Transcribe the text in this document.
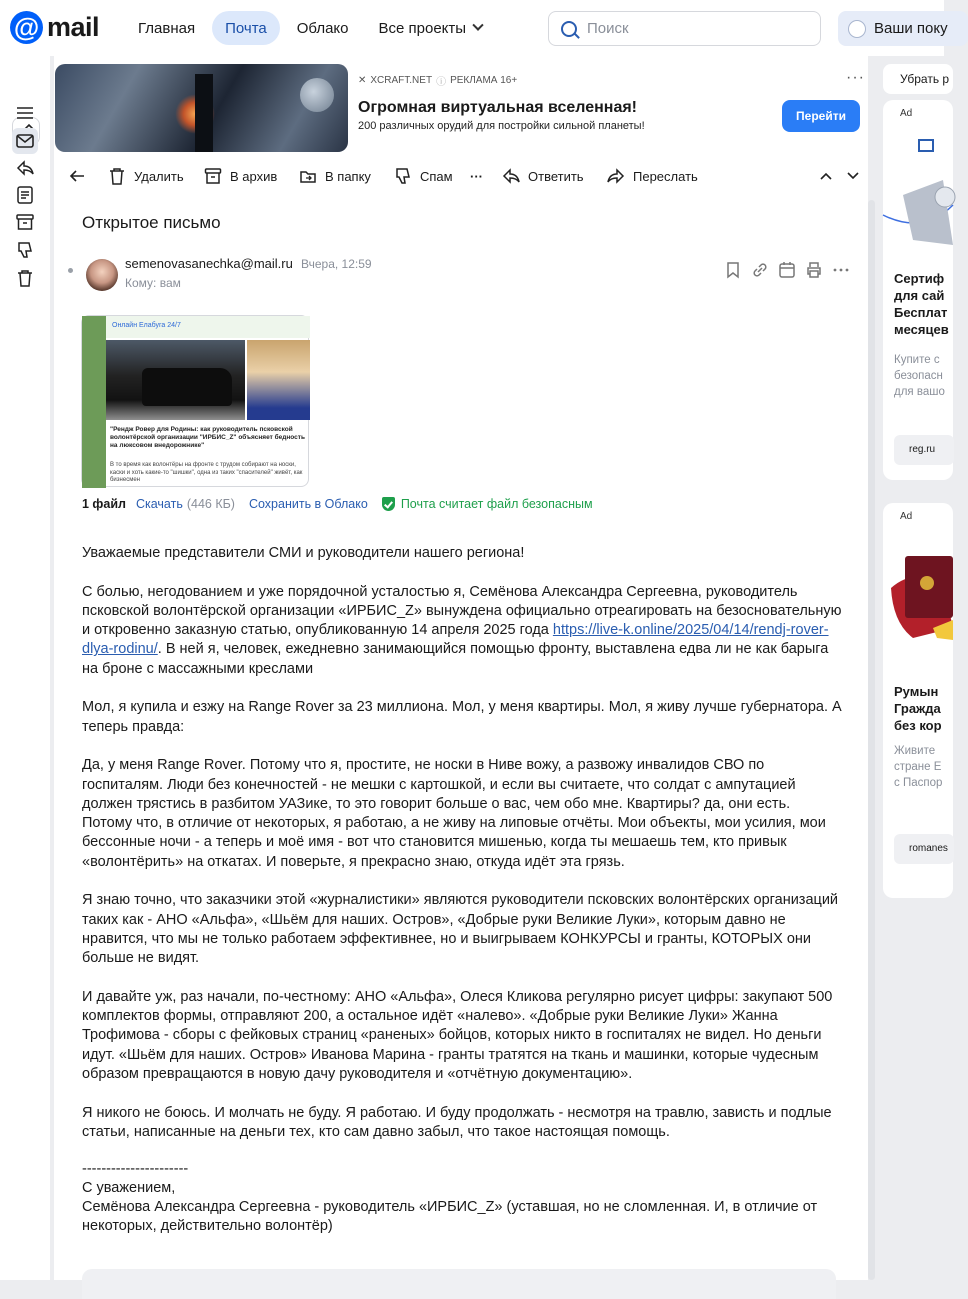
@ mail	Главная	Почта	Облако	Все проекты
Поиск	Ваши поку
✕ XCRAFT.NET ⓘ РЕКЛАМА 16+
Огромная виртуальная вселенная!
200 различных орудий для постройки сильной планеты!
Перейти
···
Удалить	В архив	В папку	Спам ···	Ответить	Переслать
Открытое письмо
semenovasanechka@mail.ru Вчера, 12:59
Кому: вам
Онлайн Елабуга 24/7
"Рендж Ровер для Родины: как руководитель псковской волонтёрской организации "ИРБИС_Z" объясняет бедность на люксовом внедорожнике"
В то время как волонтёры на фронте с трудом собирают на носки, каски и хоть какие-то "шишки", одна из таких "спасителей" живёт, как бизнесмен
1 файл Скачать (446 КБ) Сохранить в Облако	Почта считает файл безопасным

Уважаемые представители СМИ и руководители нашего региона!

С болью, негодованием и уже порядочной усталостью я, Семёнова Александра Сергеевна, руководитель псковской волонтёрской организации «ИРБИС_Z» вынуждена официально отреагировать на безосновательную и откровенно заказную статью, опубликованную 14 апреля 2025 года https://live-k.online/2025/04/14/rendj-rover-dlya-rodinu/. В ней я, человек, ежедневно занимающийся помощью фронту, выставлена едва ли не как барыга на броне с массажными креслами

Мол, я купила и езжу на Range Rover за 23 миллиона. Мол, у меня квартиры. Мол, я живу лучше губернатора. А теперь правда:

Да, у меня Range Rover. Потому что я, простите, не носки в Ниве вожу, а развожу инвалидов СВО по госпиталям. Люди без конечностей - не мешки с картошкой, и если вы считаете, что солдат с ампутацией должен трястись в разбитом УАЗике, то это говорит больше о вас, чем обо мне. Квартиры? да, они есть. Потому что, в отличие от некоторых, я работаю, а не живу на липовые отчёты. Мои объекты, мои усилия, мои бессонные ночи - а теперь и моё имя - вот что становится мишенью, когда ты мешаешь тем, кто привык «волонтёрить» на откатах. И поверьте, я прекрасно знаю, откуда идёт эта грязь.

Я знаю точно, что заказчики этой «журналистики» являются руководители псковских волонтёрских организаций таких как - АНО «Альфа», «Шьём для наших. Остров», «Добрые руки Великие Луки», которым давно не нравится, что мы не только работаем эффективнее, но и выигрываем КОНКУРСЫ и гранты, КОТОРЫХ они больше не видят.

И давайте уж, раз начали, по-честному: АНО «Альфа», Олеся Кликова регулярно рисует цифры: закупают 500 комплектов формы, отправляют 200, а остальное идёт «налево». «Добрые руки Великие Луки» Жанна Трофимова - сборы с фейковых страниц «раненых» бойцов, которых никто в госпиталях не видел. Но деньги идут. «Шьём для наших. Остров» Иванова Марина - гранты тратятся на ткань и машинки, которые чудесным образом превращаются в новую дачу руководителя и «отчётную документацию».

Я никого не боюсь. И молчать не буду. Я работаю. И буду продолжать - несмотря на травлю, зависть и подлые статьи, написанные на деньги тех, кто сам давно забыл, что такое настоящая помощь.

----------------------
С уважением,
Семёнова Александра Сергеевна - руководитель «ИРБИС_Z» (уставшая, но не сломленная. И, в отличие от некоторых, действительно волонтёр)
Убрать р
Ad
Сертиф
для сай
Бесплат
месяцев
Купите с
безопасн
для вашо
reg.ru
Ad
Румын
Гражда
без кор
Живите
стране Е
с Паспор
romanes
